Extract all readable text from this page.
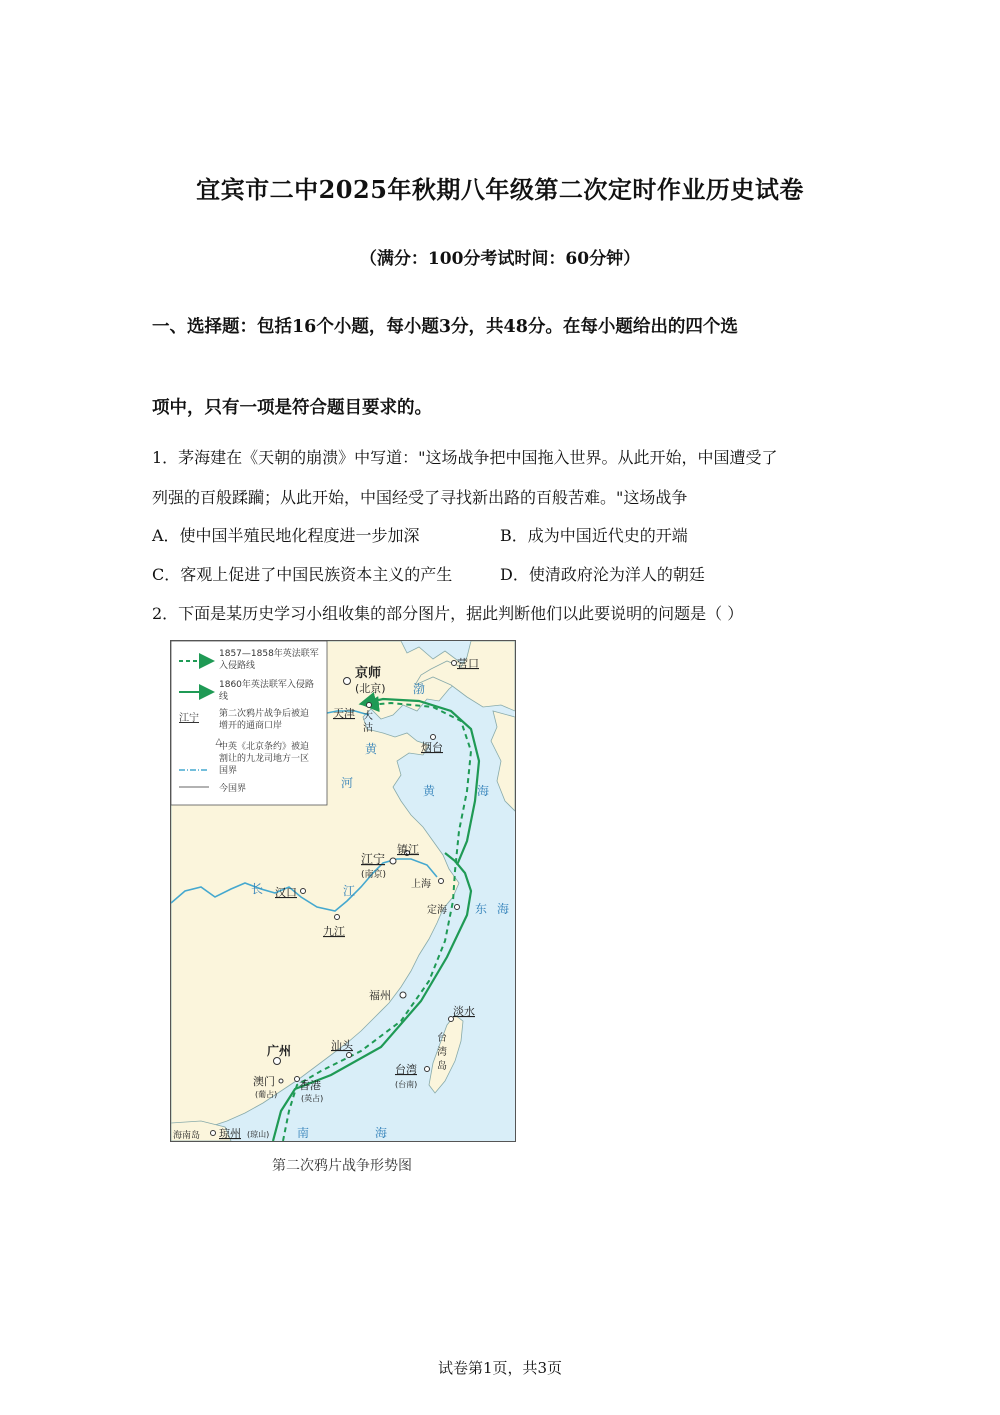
宜宾市二中2025年秋期八年级第二次定时作业历史试卷
（满分：100分考试时间：60分钟）
一、选择题：包括16个小题，每小题3分，共48分。在每小题给出的四个选
项中，只有一项是符合题目要求的。
1．茅海建在《天朝的崩溃》中写道："这场战争把中国拖入世界。从此开始，中国遭受了
列强的百般蹂躏；从此开始，中国经受了寻找新出路的百般苦难。"这场战争
A．使中国半殖民地化程度进一步加深	B．成为中国近代史的开端
C．客观上促进了中国民族资本主义的产生	D．使清政府沦为洋人的朝廷
2．下面是某历史学习小组收集的部分图片，据此判断他们以此要说明的问题是（ ）
△
1857—1858年英法联军
入侵路线
1860年英法联军入侵路
线
江宁 第二次鸦片战争后被迫
增开的通商口岸
中英《北京条约》被迫
割让的九龙司地方一区
国界
今国界
京师
(北京)
营口
天津 大
沽
烟台
镇江
江宁
(南京)
上海
定海
汉口
九江
福州
淡水
台
湾
岛
台湾
(台南)
汕头
广州
澳门
(葡占)
香港
(英占)
琼州 (琼山)
海南岛
渤
黄
河
黄	海
长	江
东 海
南	海
第二次鸦片战争形势图
试卷第1页，共3页
